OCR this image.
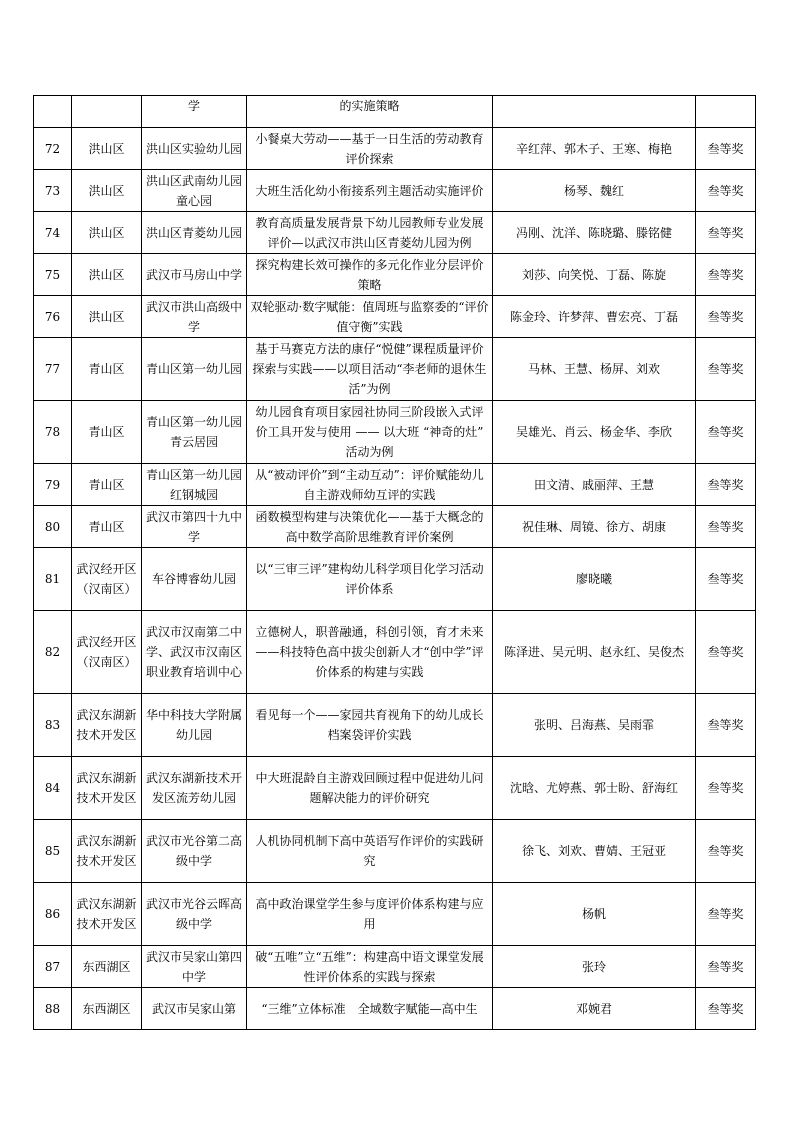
		学	的实施策略		
72	洪山区	洪山区实验幼儿园	小餐桌大劳动——基于一日生活的劳动教育评价探索	辛红萍、郭木子、王寒、梅艳	叁等奖
73	洪山区	洪山区武南幼儿园童心园	大班生活化幼小衔接系列主题活动实施评价	杨琴、魏红	叁等奖
74	洪山区	洪山区青菱幼儿园	教育高质量发展背景下幼儿园教师专业发展评价—以武汉市洪山区青菱幼儿园为例	冯刚、沈洋、陈晓璐、滕铭健	叁等奖
75	洪山区	武汉市马房山中学	探究构建长效可操作的多元化作业分层评价策略	刘莎、向笑悦、丁磊、陈旋	叁等奖
76	洪山区	武汉市洪山高级中学	双轮驱动·数字赋能：值周班与监察委的“评价值守衡”实践	陈金玲、许梦萍、曹宏亮、丁磊	叁等奖
77	青山区	青山区第一幼儿园	基于马赛克方法的康仔“悦健”课程质量评价探索与实践——以项目活动“李老师的退休生活”为例	马林、王慧、杨屏、刘欢	叁等奖
78	青山区	青山区第一幼儿园青云居园	幼儿园食育项目家园社协同三阶段嵌入式评价工具开发与使用 —— 以大班 “神奇的灶” 活动为例	吴雄光、肖云、杨金华、李欣	叁等奖
79	青山区	青山区第一幼儿园红钢城园	从“被动评价”到“主动互动”：评价赋能幼儿自主游戏师幼互评的实践	田文清、戚丽萍、王慧	叁等奖
80	青山区	武汉市第四十九中学	函数模型构建与决策优化——基于大概念的高中数学高阶思维教育评价案例	祝佳琳、周镜、徐方、胡康	叁等奖
81	武汉经开区（汉南区）	车谷博睿幼儿园	以“三审三评”建构幼儿科学项目化学习活动评价体系	廖晓曦	叁等奖
82	武汉经开区（汉南区）	武汉市汉南第二中学、武汉市汉南区职业教育培训中心	立德树人，职普融通，科创引领，育才未来——科技特色高中拔尖创新人才“创中学”评价体系的构建与实践	陈泽进、吴元明、赵永红、吴俊杰	叁等奖
83	武汉东湖新技术开发区	华中科技大学附属幼儿园	看见每一个——家园共育视角下的幼儿成长档案袋评价实践	张明、吕海燕、吴雨霏	叁等奖
84	武汉东湖新技术开发区	武汉东湖新技术开发区流芳幼儿园	中大班混龄自主游戏回顾过程中促进幼儿问题解决能力的评价研究	沈晗、尤婷燕、郭士盼、舒海红	叁等奖
85	武汉东湖新技术开发区	武汉市光谷第二高级中学	人机协同机制下高中英语写作评价的实践研究	徐飞、刘欢、曹婧、王冠亚	叁等奖
86	武汉东湖新技术开发区	武汉市光谷云晖高级中学	高中政治课堂学生参与度评价体系构建与应用	杨帆	叁等奖
87	东西湖区	武汉市吴家山第四中学	破“五唯”立“五维”：构建高中语文课堂发展性评价体系的实践与探索	张玲	叁等奖
88	东西湖区	武汉市吴家山第	“三维”立体标准　全域数字赋能—高中生	邓婉君	叁等奖
